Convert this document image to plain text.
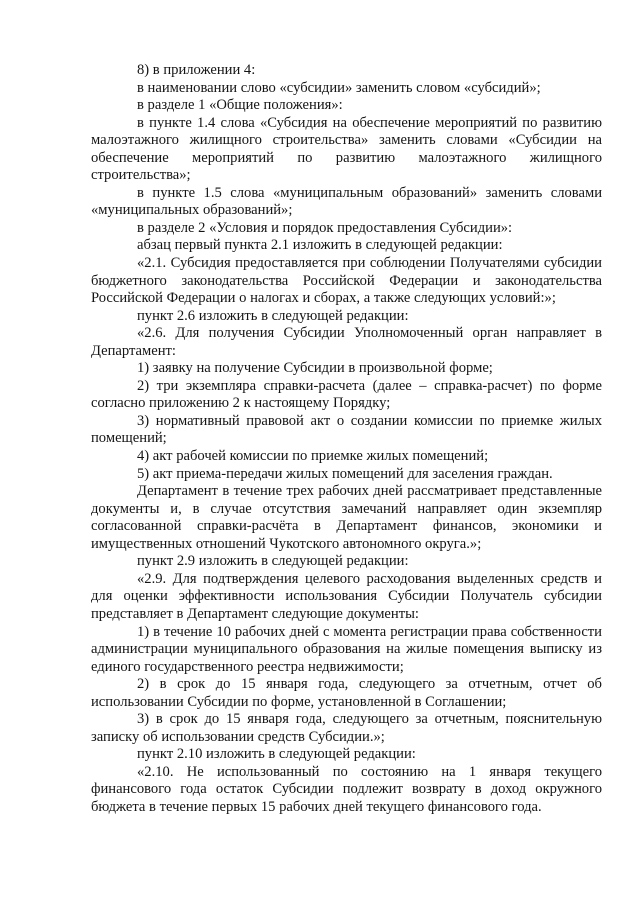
8) в приложении 4:

в наименовании слово «субсидии» заменить словом «субсидий»;

в разделе 1 «Общие положения»:

в пункте 1.4 слова «Субсидия на обеспечение мероприятий по развитию малоэтажного жилищного строительства» заменить словами «Субсидии на обеспечение мероприятий по развитию малоэтажного жилищного строительства»;

в пункте 1.5 слова «муниципальным образований» заменить словами «муниципальных образований»;

в разделе 2 «Условия и порядок предоставления Субсидии»:

абзац первый пункта 2.1 изложить в следующей редакции:

«2.1. Субсидия предоставляется при соблюдении Получателями субсидии бюджетного законодательства Российской Федерации и законодательства Российской Федерации о налогах и сборах, а также следующих условий:»;

пункт 2.6 изложить в следующей редакции:

«2.6. Для получения Субсидии Уполномоченный орган направляет в Департамент:

1) заявку на получение Субсидии в произвольной форме;

2) три экземпляра справки-расчета (далее – справка-расчет) по форме согласно приложению 2 к настоящему Порядку;

3) нормативный правовой акт о создании комиссии по приемке жилых помещений;

4) акт рабочей комиссии по приемке жилых помещений;

5) акт приема-передачи жилых помещений для заселения граждан.

Департамент в течение трех рабочих дней рассматривает представленные документы и, в случае отсутствия замечаний направляет один экземпляр согласованной справки-расчёта в Департамент финансов, экономики и имущественных отношений Чукотского автономного округа.»;

пункт 2.9 изложить в следующей редакции:

«2.9. Для подтверждения целевого расходования выделенных средств и для оценки эффективности использования Субсидии Получатель субсидии представляет в Департамент следующие документы:

1) в течение 10 рабочих дней с момента регистрации права собственности администрации муниципального образования на жилые помещения выписку из единого государственного реестра недвижимости;

2) в срок до 15 января года, следующего за отчетным, отчет об использовании Субсидии по форме, установленной в Соглашении;

3) в срок до 15 января года, следующего за отчетным, пояснительную записку об использовании средств Субсидии.»;

пункт 2.10 изложить в следующей редакции:

«2.10. Не использованный по состоянию на 1 января текущего финансового года остаток Субсидии подлежит возврату в доход окружного бюджета в течение первых 15 рабочих дней текущего финансового года.
